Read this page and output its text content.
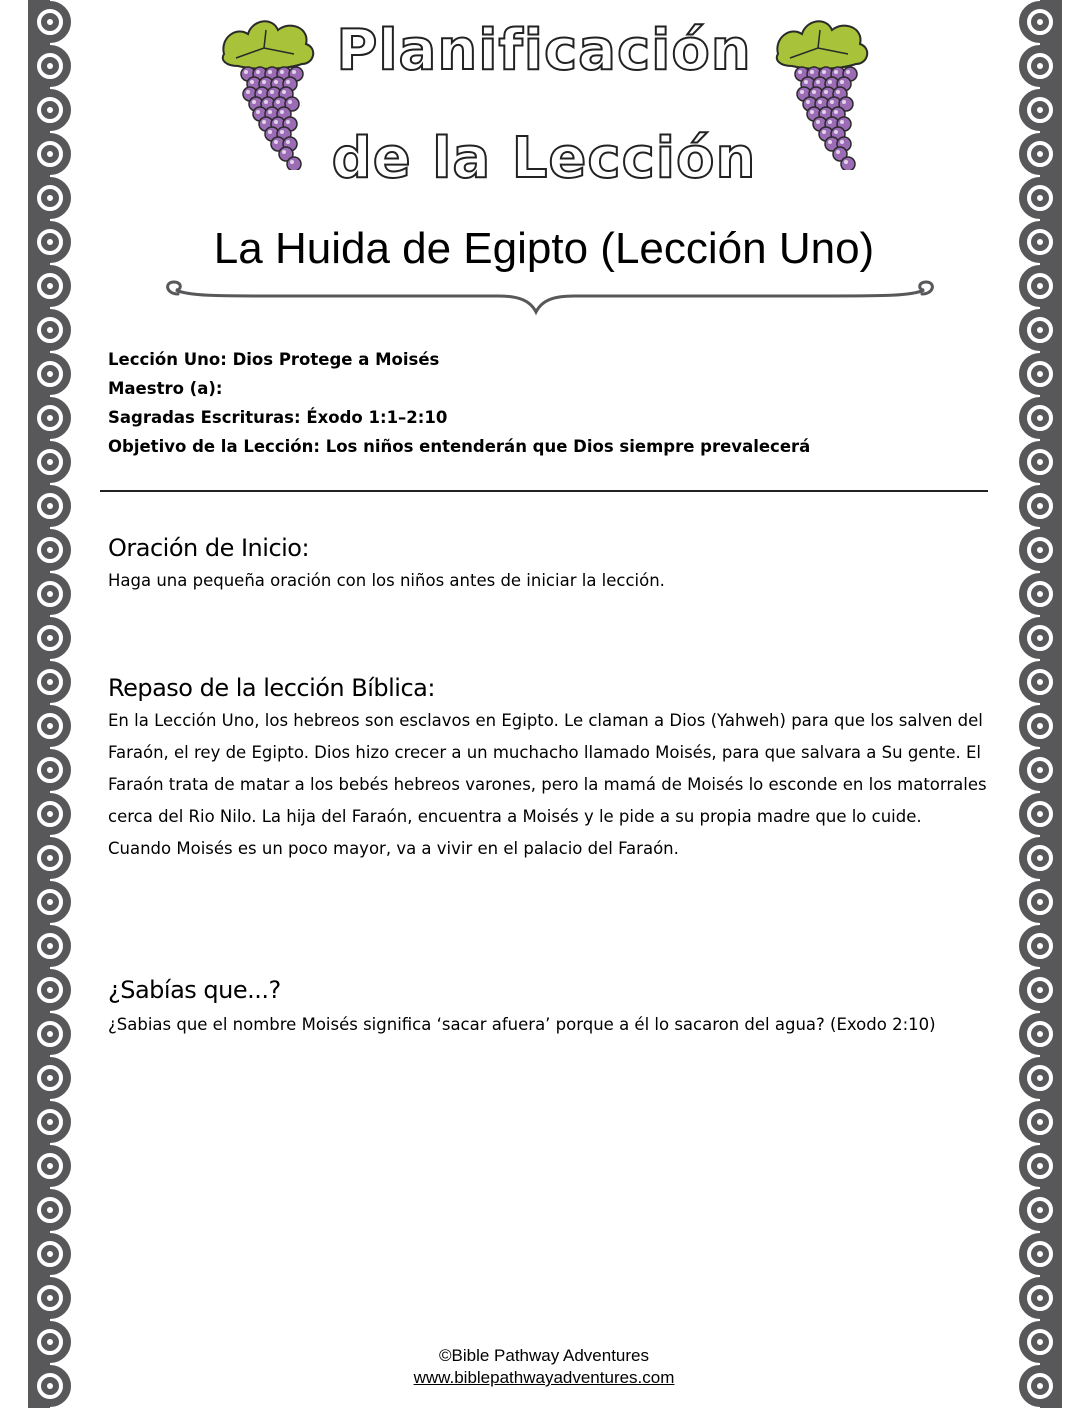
Planificación
de la Lección
La Huida de Egipto (Lección Uno)
Lección Uno: Dios Protege a Moisés
Maestro (a):
Sagradas Escrituras: Éxodo 1:1–2:10
Objetivo de la Lección: Los niños entenderán que Dios siempre prevalecerá
Oración de Inicio:
Haga una pequeña oración con los niños antes de iniciar la lección.
Repaso de la lección Bíblica:
En la Lección Uno, los hebreos son esclavos en Egipto. Le claman a Dios (Yahweh) para que los salven del Faraón, el rey de Egipto. Dios hizo crecer a un muchacho llamado Moisés, para que salvara a Su gente. El Faraón trata de matar a los bebés hebreos varones, pero la mamá de Moisés lo esconde en los matorrales cerca del Rio Nilo. La hija del Faraón, encuentra a Moisés y le pide a su propia madre que lo cuide. Cuando Moisés es un poco mayor, va a vivir en el palacio del Faraón.
¿Sabías que...?
¿Sabias que el nombre Moisés significa ‘sacar afuera’ porque a él lo sacaron del agua? (Exodo 2:10)
©Bible Pathway Adventures
www.biblepathwayadventures.com
